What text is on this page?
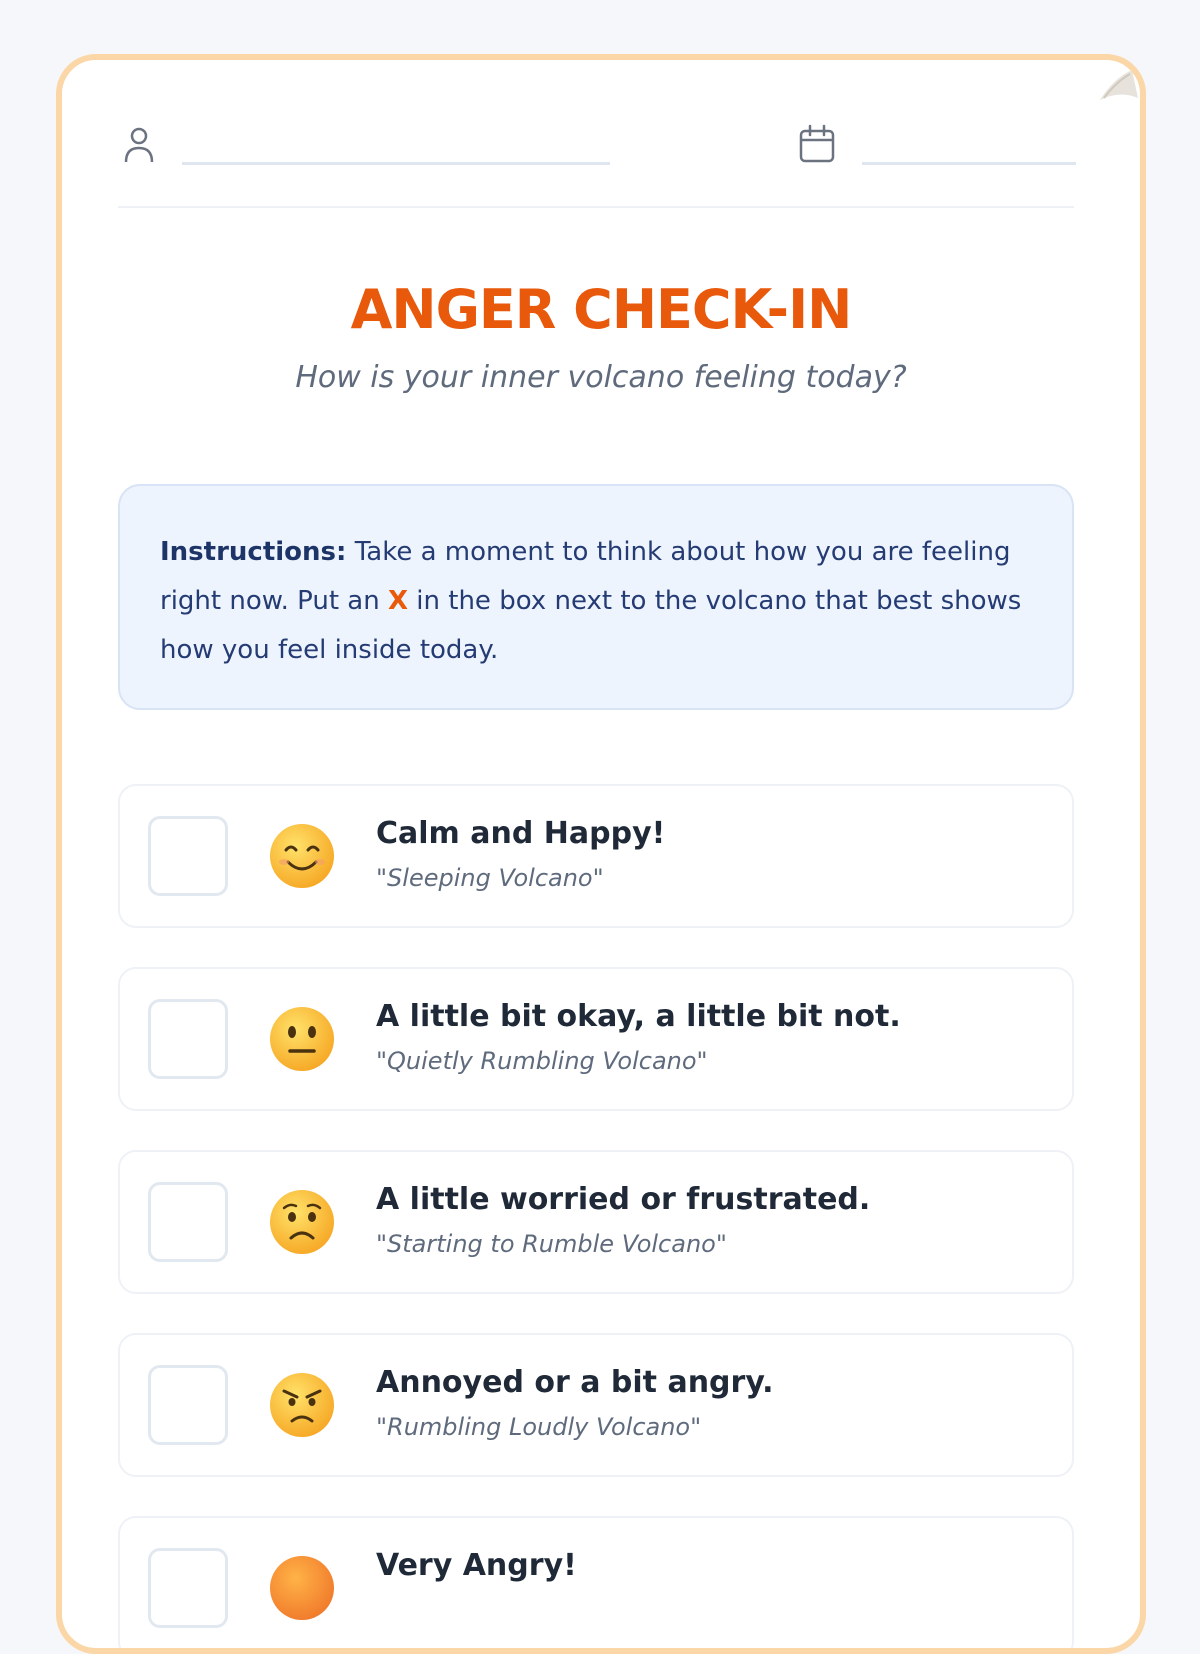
ANGER CHECK-IN

How is your inner volcano feeling today?

Instructions: Take a moment to think about how you are feeling right now. Put an X in the box next to the volcano that best shows how you feel inside today.
Calm and Happy!
"Sleeping Volcano"
A little bit okay, a little bit not.
"Quietly Rumbling Volcano"
A little worried or frustrated.
"Starting to Rumble Volcano"
Annoyed or a bit angry.
"Rumbling Loudly Volcano"
Very Angry!
